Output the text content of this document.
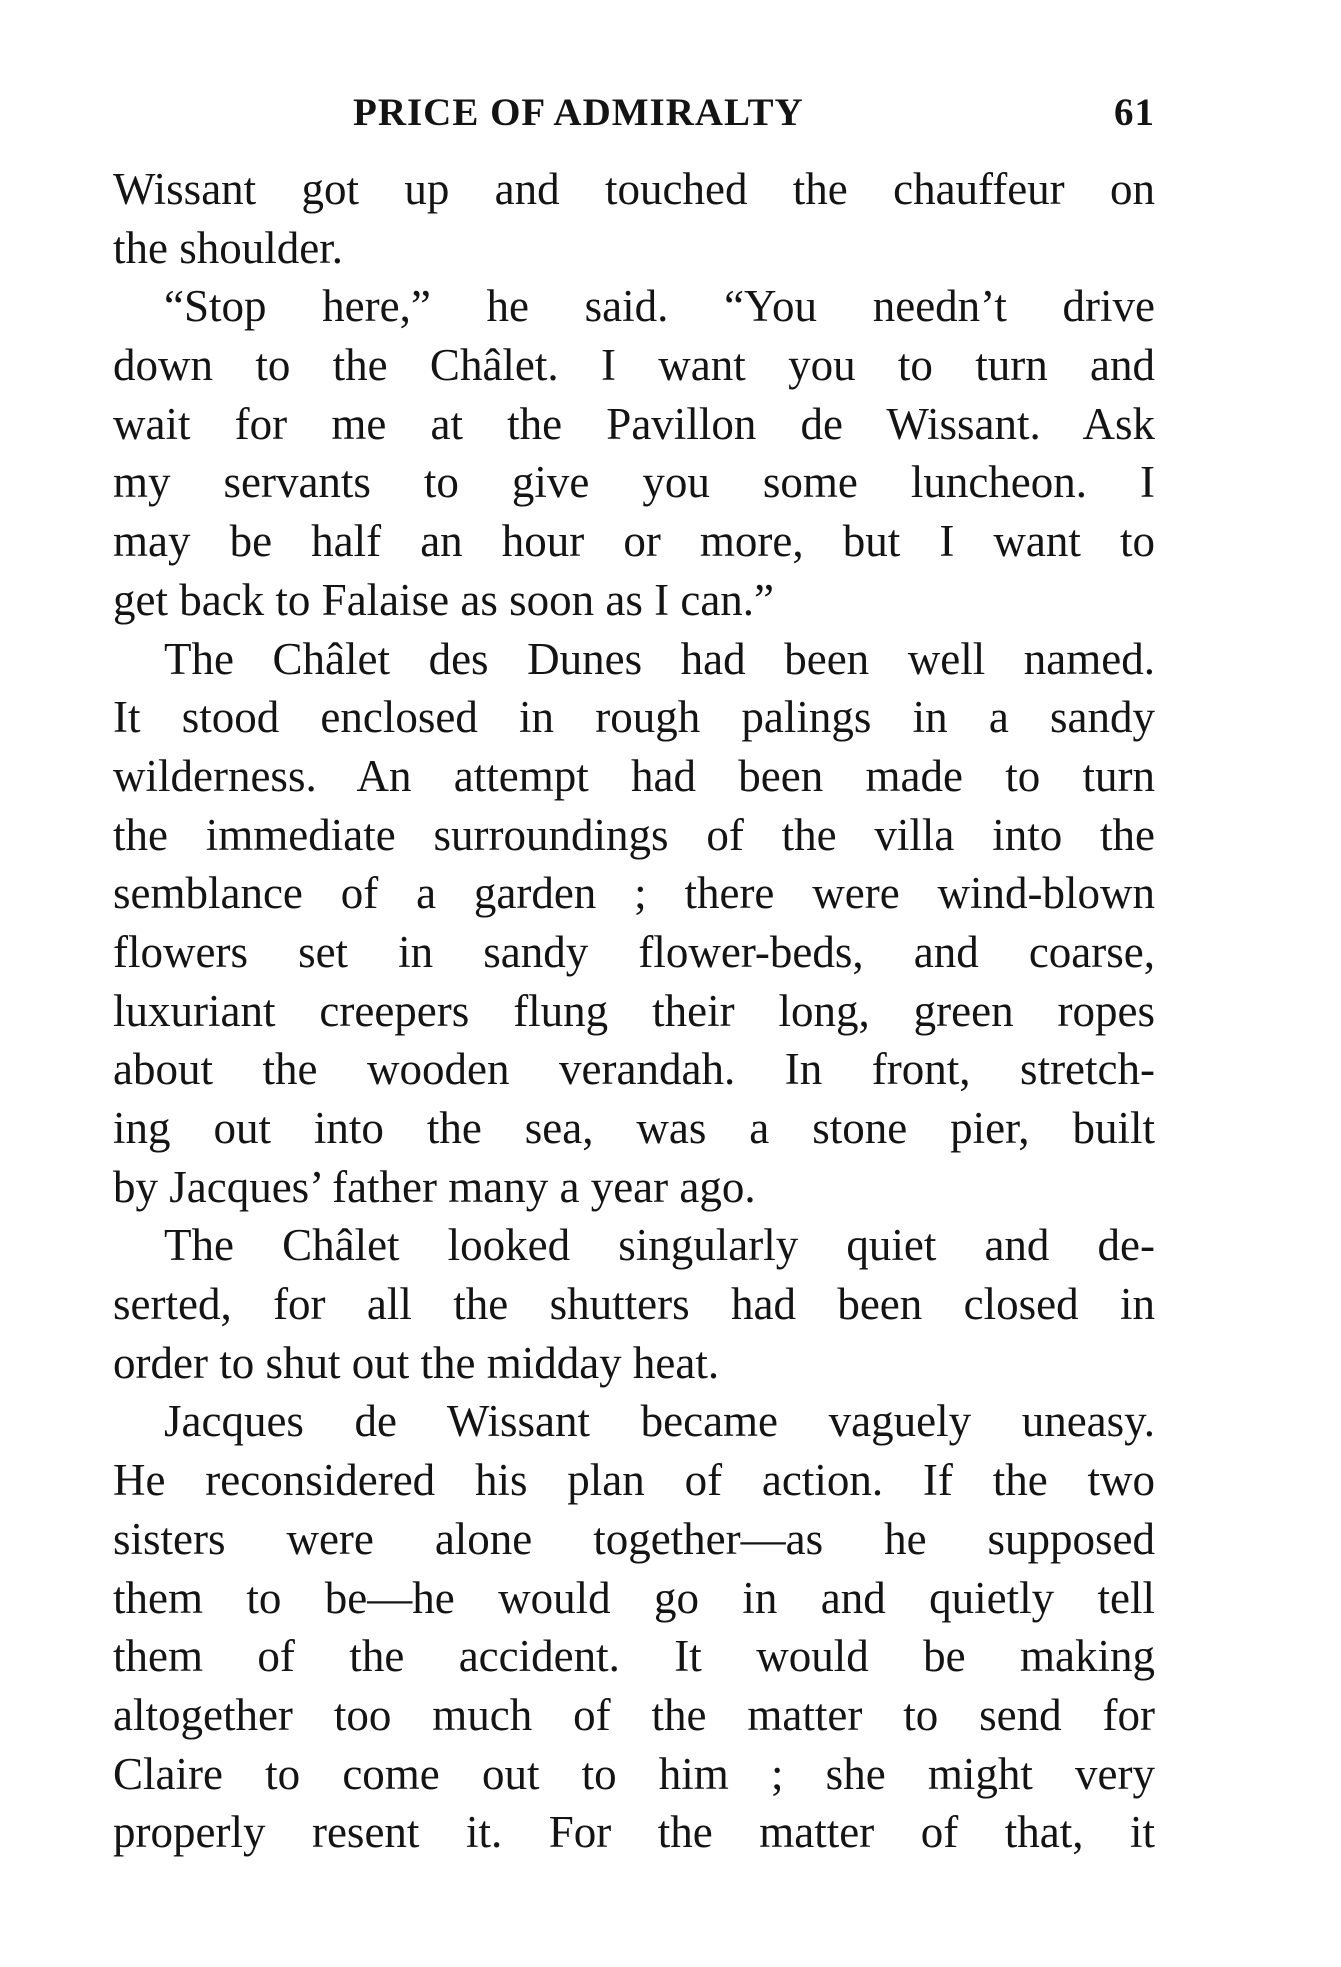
PRICE OF ADMIRALTY	61
Wissant got up and touched the chauffeur on
the shoulder.
“Stop here,” he said. “You needn’t drive
down to the Châlet. I want you to turn and
wait for me at the Pavillon de Wissant. Ask
my servants to give you some luncheon. I
may be half an hour or more, but I want to
get back to Falaise as soon as I can.”
The Châlet des Dunes had been well named.
It stood enclosed in rough palings in a sandy
wilderness. An attempt had been made to turn
the immediate surroundings of the villa into the
semblance of a garden ; there were wind-blown
flowers set in sandy flower-beds, and coarse,
luxuriant creepers flung their long, green ropes
about the wooden verandah. In front, stretch-
ing out into the sea, was a stone pier, built
by Jacques’ father many a year ago.
The Châlet looked singularly quiet and de-
serted, for all the shutters had been closed in
order to shut out the midday heat.
Jacques de Wissant became vaguely uneasy.
He reconsidered his plan of action. If the two
sisters were alone together—as he supposed
them to be—he would go in and quietly tell
them of the accident. It would be making
altogether too much of the matter to send for
Claire to come out to him ; she might very
properly resent it. For the matter of that, it
